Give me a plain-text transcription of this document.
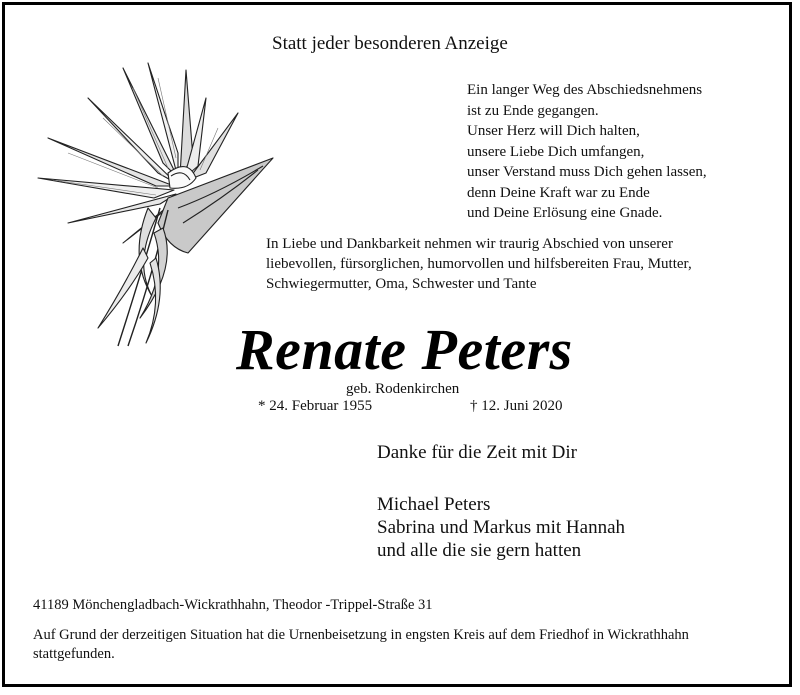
Statt jeder besonderen Anzeige
Ein langer Weg des Abschiedsnehmens
ist zu Ende gegangen.
Unser Herz will Dich halten,
unsere Liebe Dich umfangen,
unser Verstand muss Dich gehen lassen,
denn Deine Kraft war zu Ende
und Deine Erlösung eine Gnade.
In Liebe und Dankbarkeit nehmen wir traurig Abschied von unserer
liebevollen, fürsorglichen, humorvollen und hilfsbereiten Frau, Mutter,
Schwiegermutter, Oma, Schwester und Tante
Renate Peters
geb. Rodenkirchen
* 24. Februar 1955	† 12. Juni 2020
Danke für die Zeit mit Dir
Michael Peters
Sabrina und Markus mit Hannah
und alle die sie gern hatten
41189 Mönchengladbach-Wickrathhahn, Theodor -Trippel-Straße 31
Auf Grund der derzeitigen Situation hat die Urnenbeisetzung in engsten Kreis auf dem Friedhof in Wickrathhahn stattgefunden.
